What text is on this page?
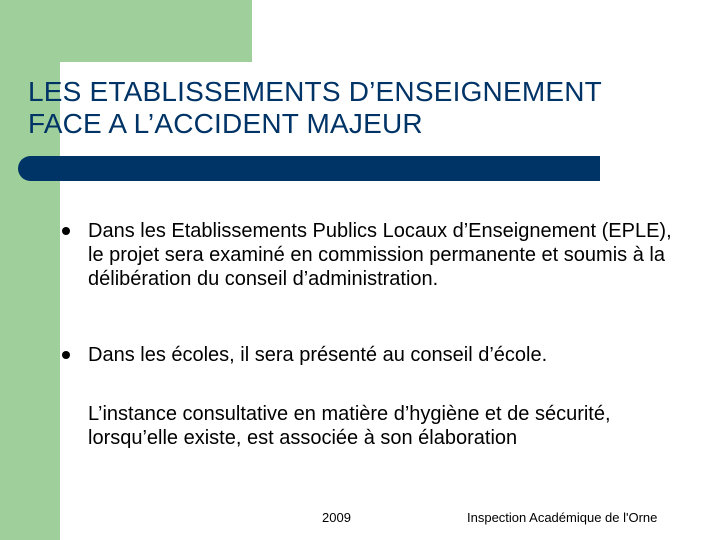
LES ETABLISSEMENTS D’ENSEIGNEMENT
FACE A L’ACCIDENT MAJEUR
Dans les Etablissements Publics Locaux d’Enseignement (EPLE), le projet sera examiné en commission permanente et soumis à la délibération du conseil d’administration.
Dans les écoles, il sera présenté au conseil d’école.
L’instance consultative en matière d’hygiène et de sécurité, lorsqu’elle existe, est associée à son élaboration
2009	Inspection Académique de l'Orne
